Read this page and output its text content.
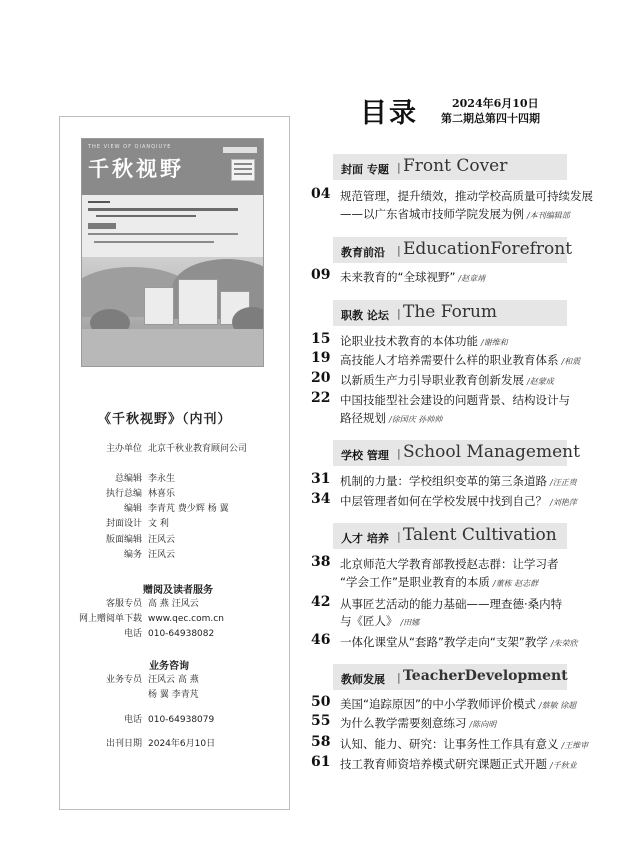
THE VIEW OF QIANQIUYE
千秋视野
《千秋视野》（内刊）
主办单位 北京千秋业教育顾问公司
总编辑 李永生
执行总编 林喜乐
编辑 李青芃 费少辉 杨 翼
封面设计 文 利
版面编辑 汪风云
编务 汪风云
赠阅及读者服务
客服专员 高 燕 汪风云
网上赠阅单下载 www.qec.com.cn
电话 010-64938082
业务咨询
业务专员 汪风云 高 燕
杨 翼 李青芃
电话 010-64938079
出刊日期 2024年6月10日
目录	2024年6月10日
第二期总第四十四期
封面 专题 | Front Cover
04 规范管理，提升绩效，推动学校高质量可持续发展
——以广东省城市技师学院发展为例 /本刊编辑部
教育前沿 | EducationForefront
09 未来教育的“全球视野” /赵章靖
职教 论坛 | The Forum
15 论职业技术教育的本体功能 /谢维和
19 高技能人才培养需要什么样的职业教育体系 /和震
20 以新质生产力引导职业教育创新发展 /赵蒙成
22 中国技能型社会建设的问题背景、结构设计与
路径规划 /徐国庆 孙帅帅
学校 管理 | School Management
31 机制的力量：学校组织变革的第三条道路 /汪正贵
34 中层管理者如何在学校发展中找到自己？ /刘艳萍
人才 培养 | Talent Cultivation
38 北京师范大学教育部教授赵志群：让学习者
“学会工作”是职业教育的本质 /董栋 赵志群
42 从事匠艺活动的能力基础——理查德·桑内特
与《匠人》 /田娜
46 一体化课堂从“套路”教学走向“支架”教学 /朱荣欣
教师发展 | TeacherDevelopment
50 美国“追踪原因”的中小学教师评价模式 /蔡敏 徐超
55 为什么教学需要刻意练习 /陈向明
58 认知、能力、研究：让事务性工作具有意义 /王维审
61 技工教育师资培养模式研究课题正式开题 /千秋业
